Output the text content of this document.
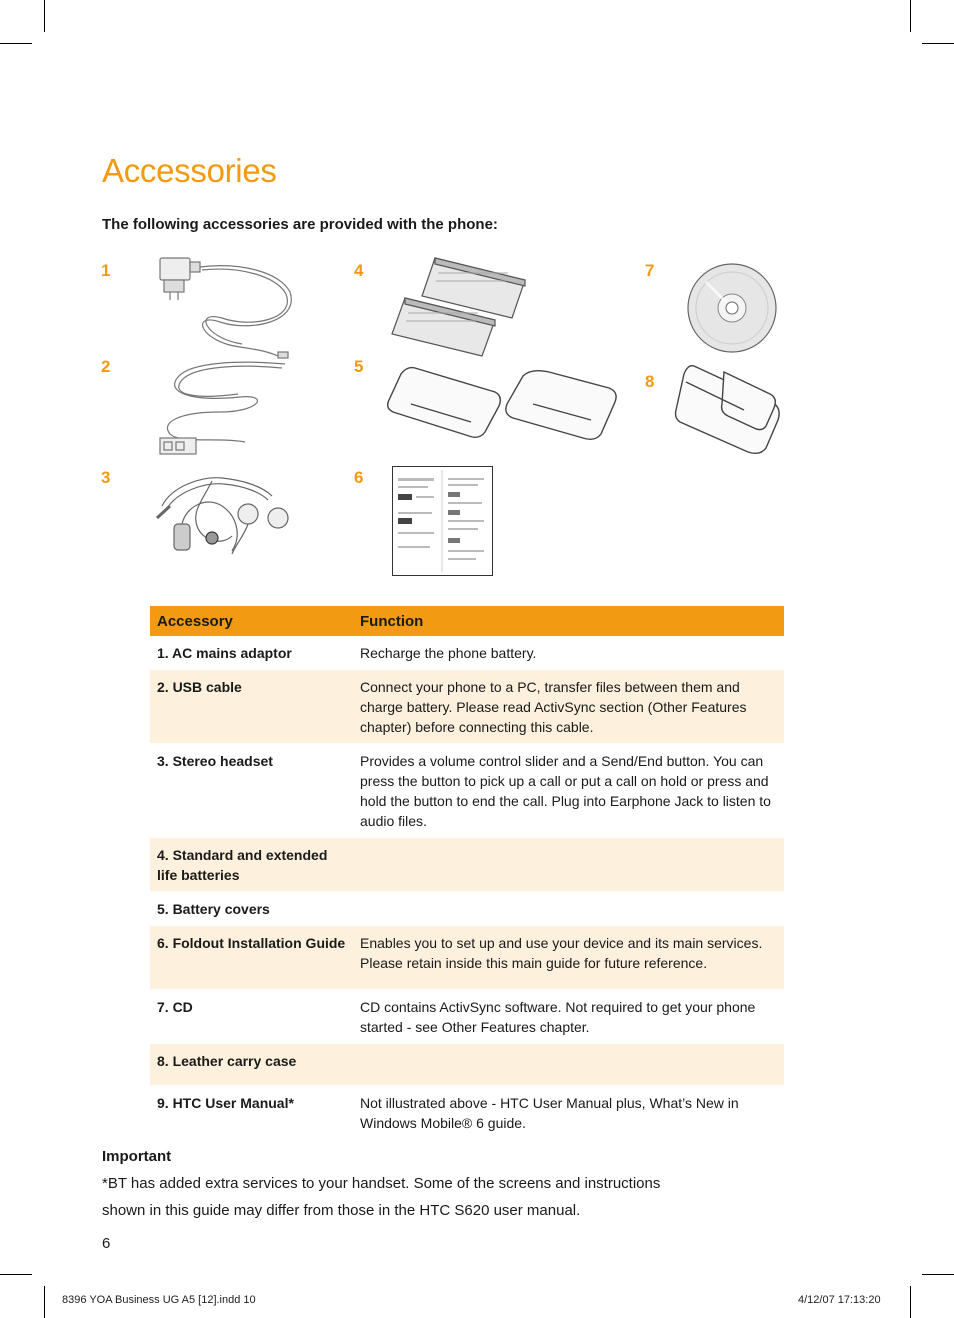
Accessories
The following accessories are provided with the phone:
1
2
3
4
5
6
7
8
Accessory	Function
1. AC mains adaptor	Recharge the phone battery.
2. USB cable	Connect your phone to a PC, transfer files between them and charge battery. Please read ActivSync section (Other Features chapter) before connecting this cable.
3. Stereo headset	Provides a volume control slider and a Send/End button. You can press the button to pick up a call or put a call on hold or press and hold the button to end the call. Plug into Earphone Jack to listen to audio files.
4. Standard and extended life batteries	
5. Battery covers	
6. Foldout Installation Guide	Enables you to set up and use your device and its main services. Please retain inside this main guide for future reference.
7. CD	CD contains ActivSync software. Not required to get your phone started - see Other Features chapter.
8. Leather carry case	
9. HTC User Manual*	Not illustrated above - HTC User Manual plus, What’s New in Windows Mobile® 6 guide.
Important
*BT has added extra services to your handset. Some of the screens and instructions
shown in this guide may differ from those in the HTC S620 user manual.
6
8396 YOA Business UG A5 [12].indd 10	4/12/07 17:13:20
